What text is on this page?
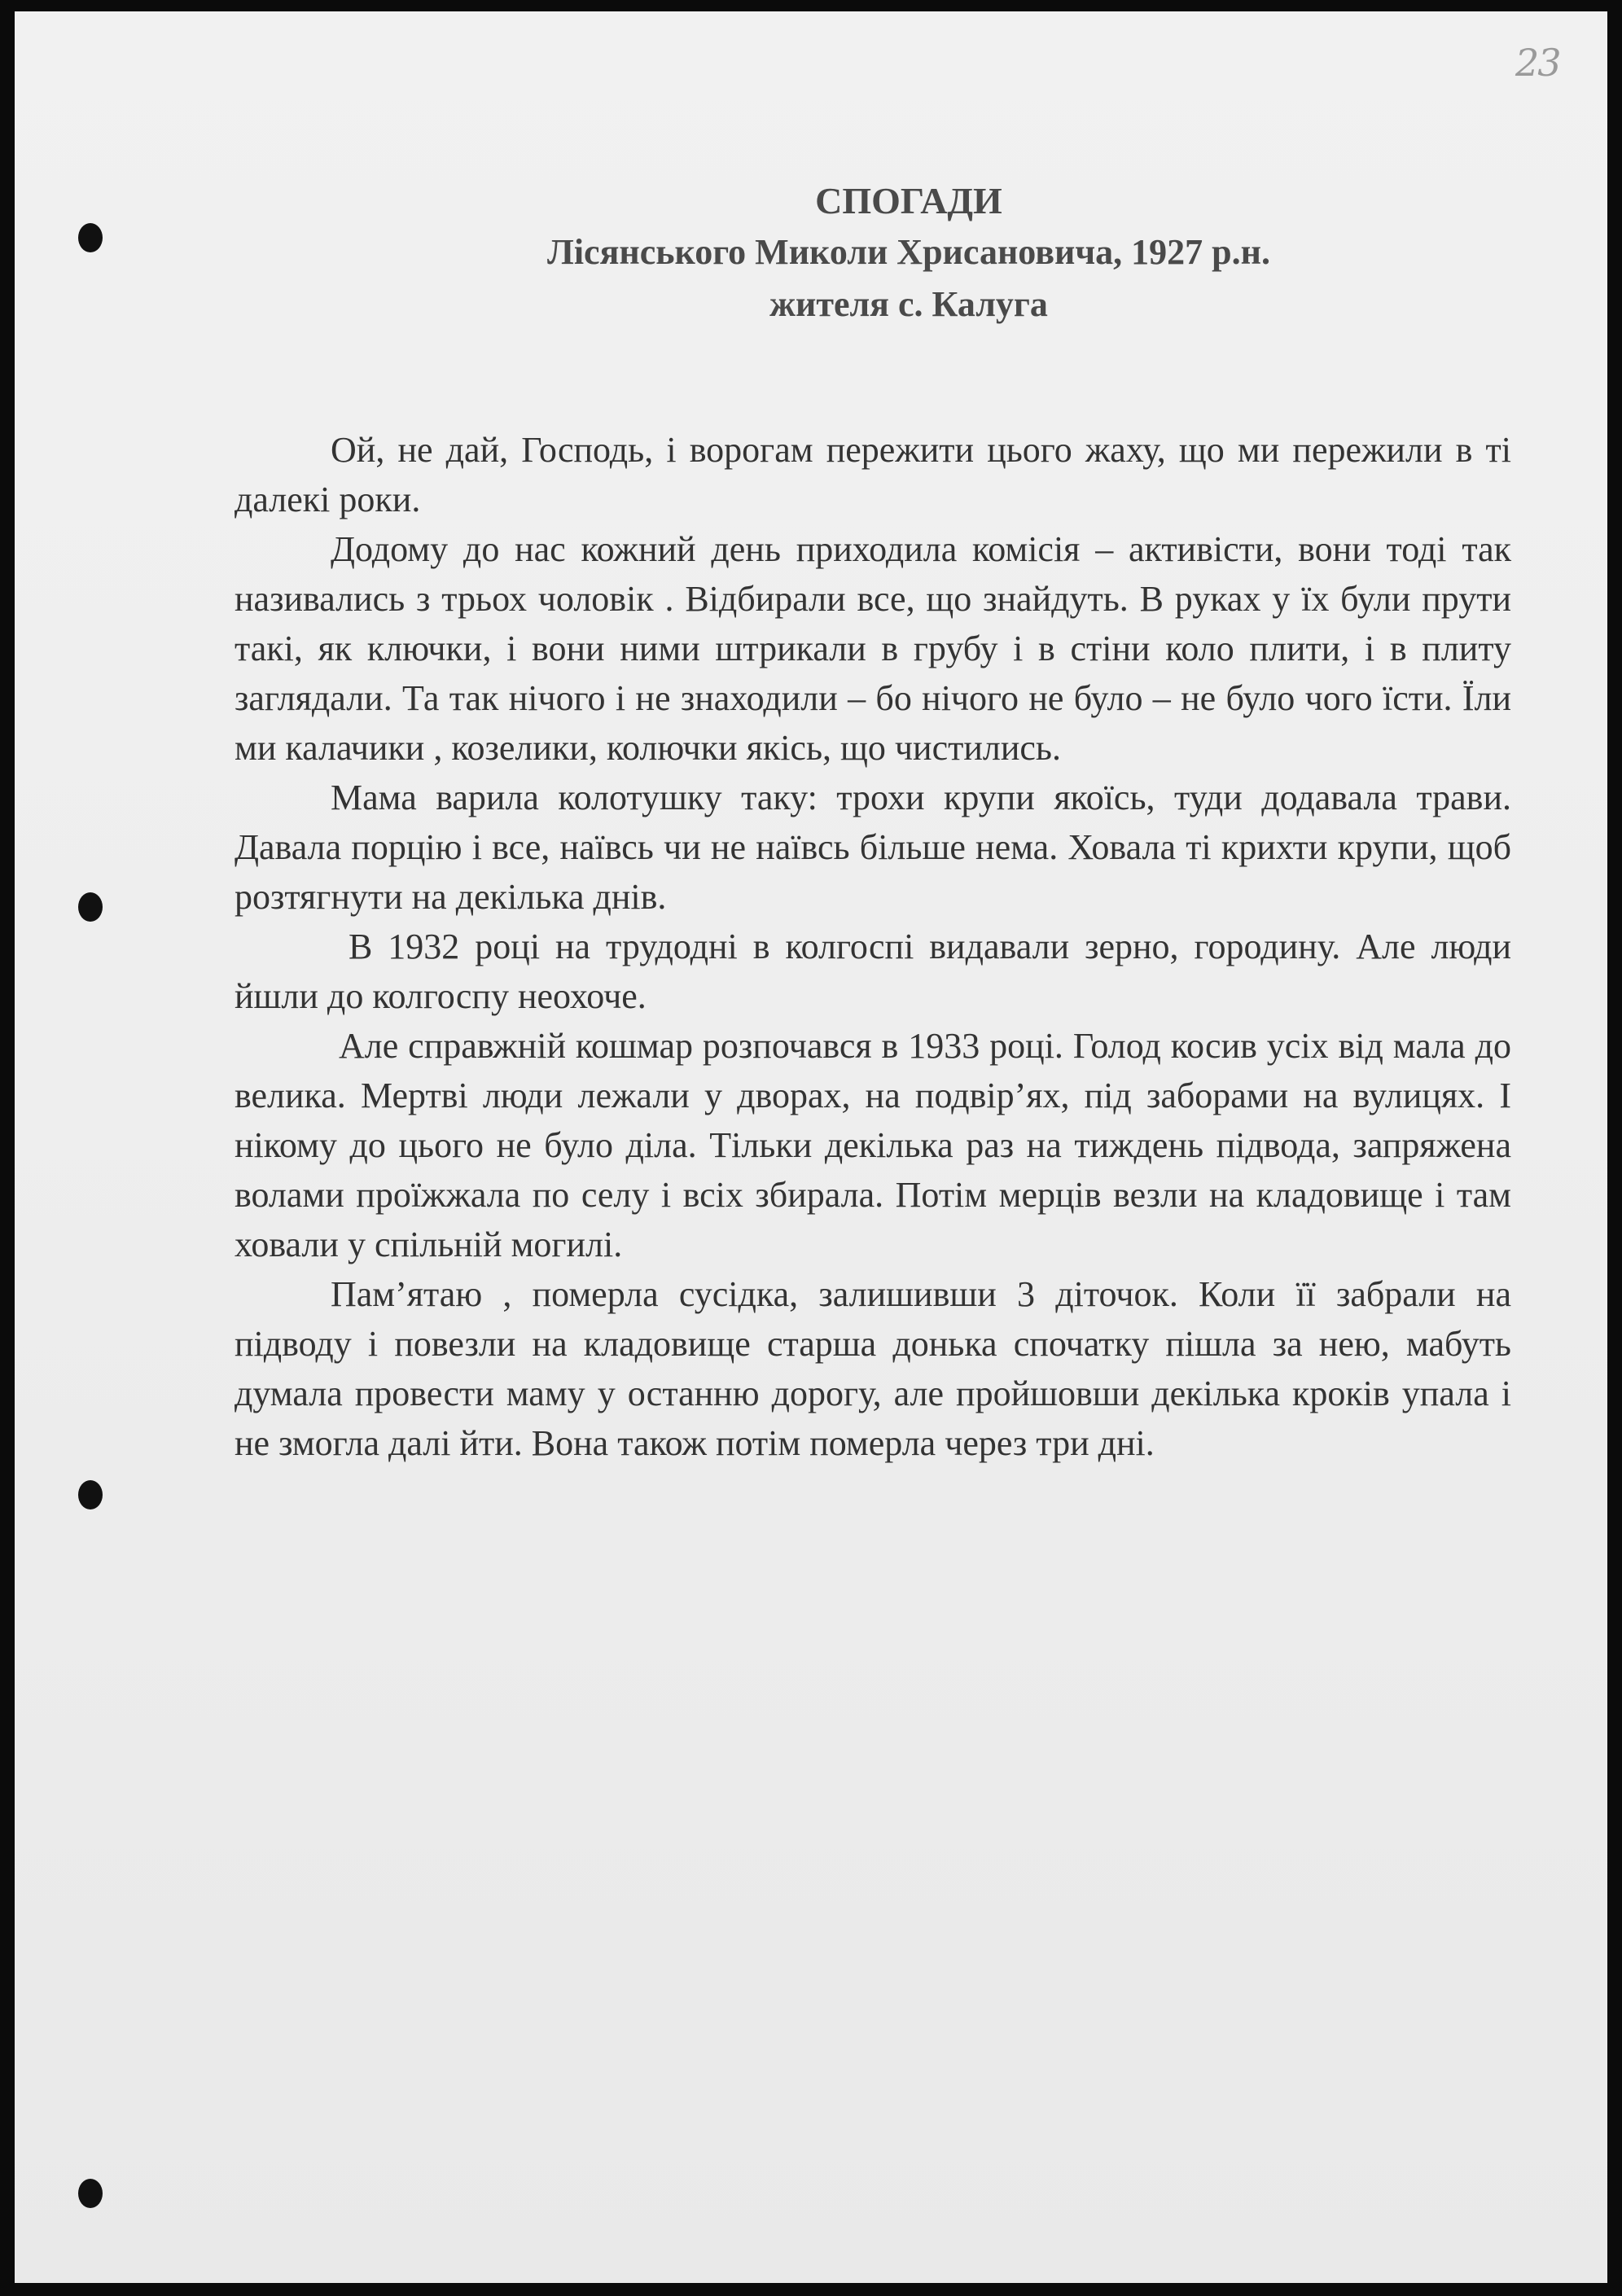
23
СПОГАДИ
Лісянського Миколи Хрисановича, 1927 р.н.
жителя с. Калуга

Ой, не дай, Господь, і ворогам пережити цього жаху, що ми пережили в ті далекі роки.

Додому до нас кожний день приходила комісія – активісти, вони тоді так називались з трьох чоловік . Відбирали все, що знайдуть. В руках у їх були прути такі, як ключки, і вони ними штрикали в грубу і в стіни коло плити, і в плиту заглядали. Та так нічого і не знаходили – бо нічого не було – не було чого їсти. Їли ми калачики , козелики, колючки якісь, що чистились.

Мама варила колотушку таку: трохи крупи якоїсь, туди додавала трави. Давала порцію і все, наївсь чи не наївсь більше нема. Ховала ті крихти крупи, щоб розтягнути на декілька днів.

В 1932 році на трудодні в колгоспі видавали зерно, городину. Але люди йшли до колгоспу неохоче.

Але справжній кошмар розпочався в 1933 році. Голод косив усіх від мала до велика. Мертві люди лежали у дворах, на подвір’ях, під заборами на вулицях. І нікому до цього не було діла. Тільки декілька раз на тиждень підвода, запряжена волами проїжжала по селу і всіх збирала. Потім мерців везли на кладовище і там ховали у спільній могилі.

Пам’ятаю , померла сусідка, залишивши 3 діточок. Коли її забрали на підводу і повезли на кладовище старша донька спочатку пішла за нею, мабуть думала провести маму у останню дорогу, але пройшовши декілька кроків упала і не змогла далі йти. Вона також потім померла через три дні.
